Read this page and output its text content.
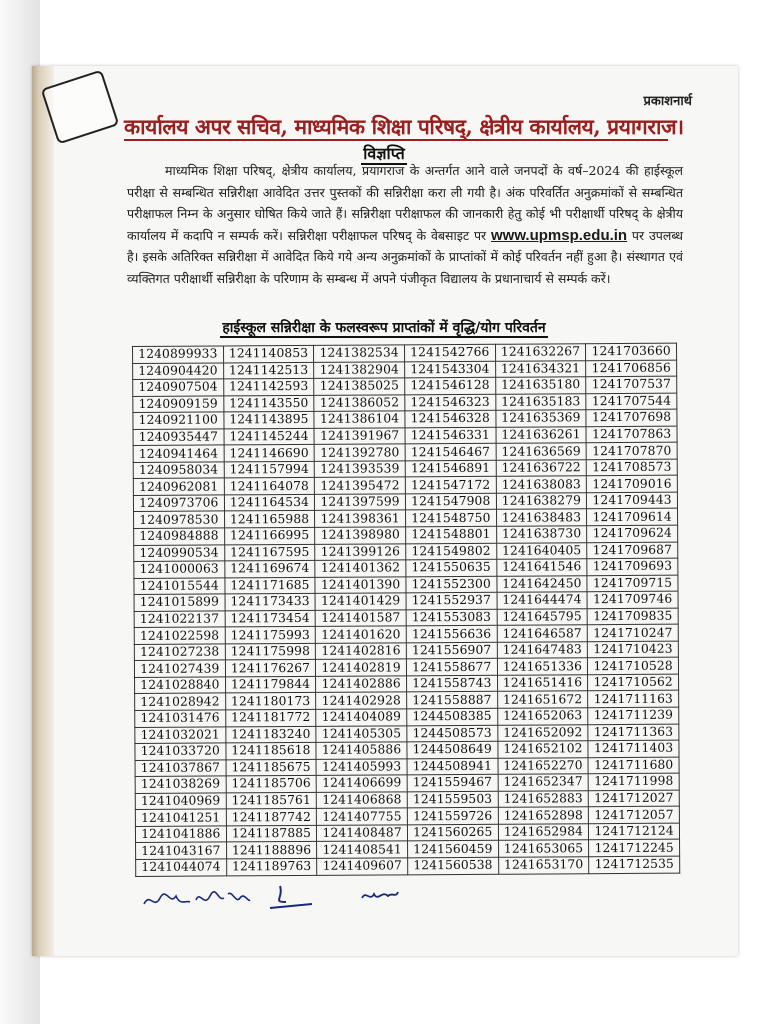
प्रकाशनार्थ
कार्यालय अपर सचिव, माध्यमिक शिक्षा परिषद्, क्षेत्रीय कार्यालय, प्रयागराज।
विज्ञप्ति
माध्यमिक शिक्षा परिषद्, क्षेत्रीय कार्यालय, प्रयागराज के अन्तर्गत आने वाले जनपदों के वर्ष–2024 की हाईस्कूल परीक्षा से सम्बन्धित सन्निरीक्षा आवेदित उत्तर पुस्तकों की सन्निरीक्षा करा ली गयी है। अंक परिवर्तित अनुक्रमांकों से सम्बन्धित परीक्षाफल निम्न के अनुसार घोषित किये जाते हैं। सन्निरीक्षा परीक्षाफल की जानकारी हेतु कोई भी परीक्षार्थी परिषद् के क्षेत्रीय कार्यालय में कदापि न सम्पर्क करें। सन्निरीक्षा परीक्षाफल परिषद् के वेबसाइट पर www.upmsp.edu.in पर उपलब्ध है। इसके अतिरिक्त सन्निरीक्षा में आवेदित किये गये अन्य अनुक्रमांकों के प्राप्तांकों में कोई परिवर्तन नहीं हुआ है। संस्थागत एवं व्यक्तिगत परीक्षार्थी सन्निरीक्षा के परिणाम के सम्बन्ध में अपने पंजीकृत विद्यालय के प्रधानाचार्य से सम्पर्क करें।
हाईस्कूल सन्निरीक्षा के फलस्वरूप प्राप्तांकों में वृद्धि/योग परिवर्तन
1240899933	1241140853	1241382534	1241542766	1241632267	1241703660
1240904420	1241142513	1241382904	1241543304	1241634321	1241706856
1240907504	1241142593	1241385025	1241546128	1241635180	1241707537
1240909159	1241143550	1241386052	1241546323	1241635183	1241707544
1240921100	1241143895	1241386104	1241546328	1241635369	1241707698
1240935447	1241145244	1241391967	1241546331	1241636261	1241707863
1240941464	1241146690	1241392780	1241546467	1241636569	1241707870
1240958034	1241157994	1241393539	1241546891	1241636722	1241708573
1240962081	1241164078	1241395472	1241547172	1241638083	1241709016
1240973706	1241164534	1241397599	1241547908	1241638279	1241709443
1240978530	1241165988	1241398361	1241548750	1241638483	1241709614
1240984888	1241166995	1241398980	1241548801	1241638730	1241709624
1240990534	1241167595	1241399126	1241549802	1241640405	1241709687
1241000063	1241169674	1241401362	1241550635	1241641546	1241709693
1241015544	1241171685	1241401390	1241552300	1241642450	1241709715
1241015899	1241173433	1241401429	1241552937	1241644474	1241709746
1241022137	1241173454	1241401587	1241553083	1241645795	1241709835
1241022598	1241175993	1241401620	1241556636	1241646587	1241710247
1241027238	1241175998	1241402816	1241556907	1241647483	1241710423
1241027439	1241176267	1241402819	1241558677	1241651336	1241710528
1241028840	1241179844	1241402886	1241558743	1241651416	1241710562
1241028942	1241180173	1241402928	1241558887	1241651672	1241711163
1241031476	1241181772	1241404089	1244508385	1241652063	1241711239
1241032021	1241183240	1241405305	1244508573	1241652092	1241711363
1241033720	1241185618	1241405886	1244508649	1241652102	1241711403
1241037867	1241185675	1241405993	1244508941	1241652270	1241711680
1241038269	1241185706	1241406699	1241559467	1241652347	1241711998
1241040969	1241185761	1241406868	1241559503	1241652883	1241712027
1241041251	1241187742	1241407755	1241559726	1241652898	1241712057
1241041886	1241187885	1241408487	1241560265	1241652984	1241712124
1241043167	1241188896	1241408541	1241560459	1241653065	1241712245
1241044074	1241189763	1241409607	1241560538	1241653170	1241712535
